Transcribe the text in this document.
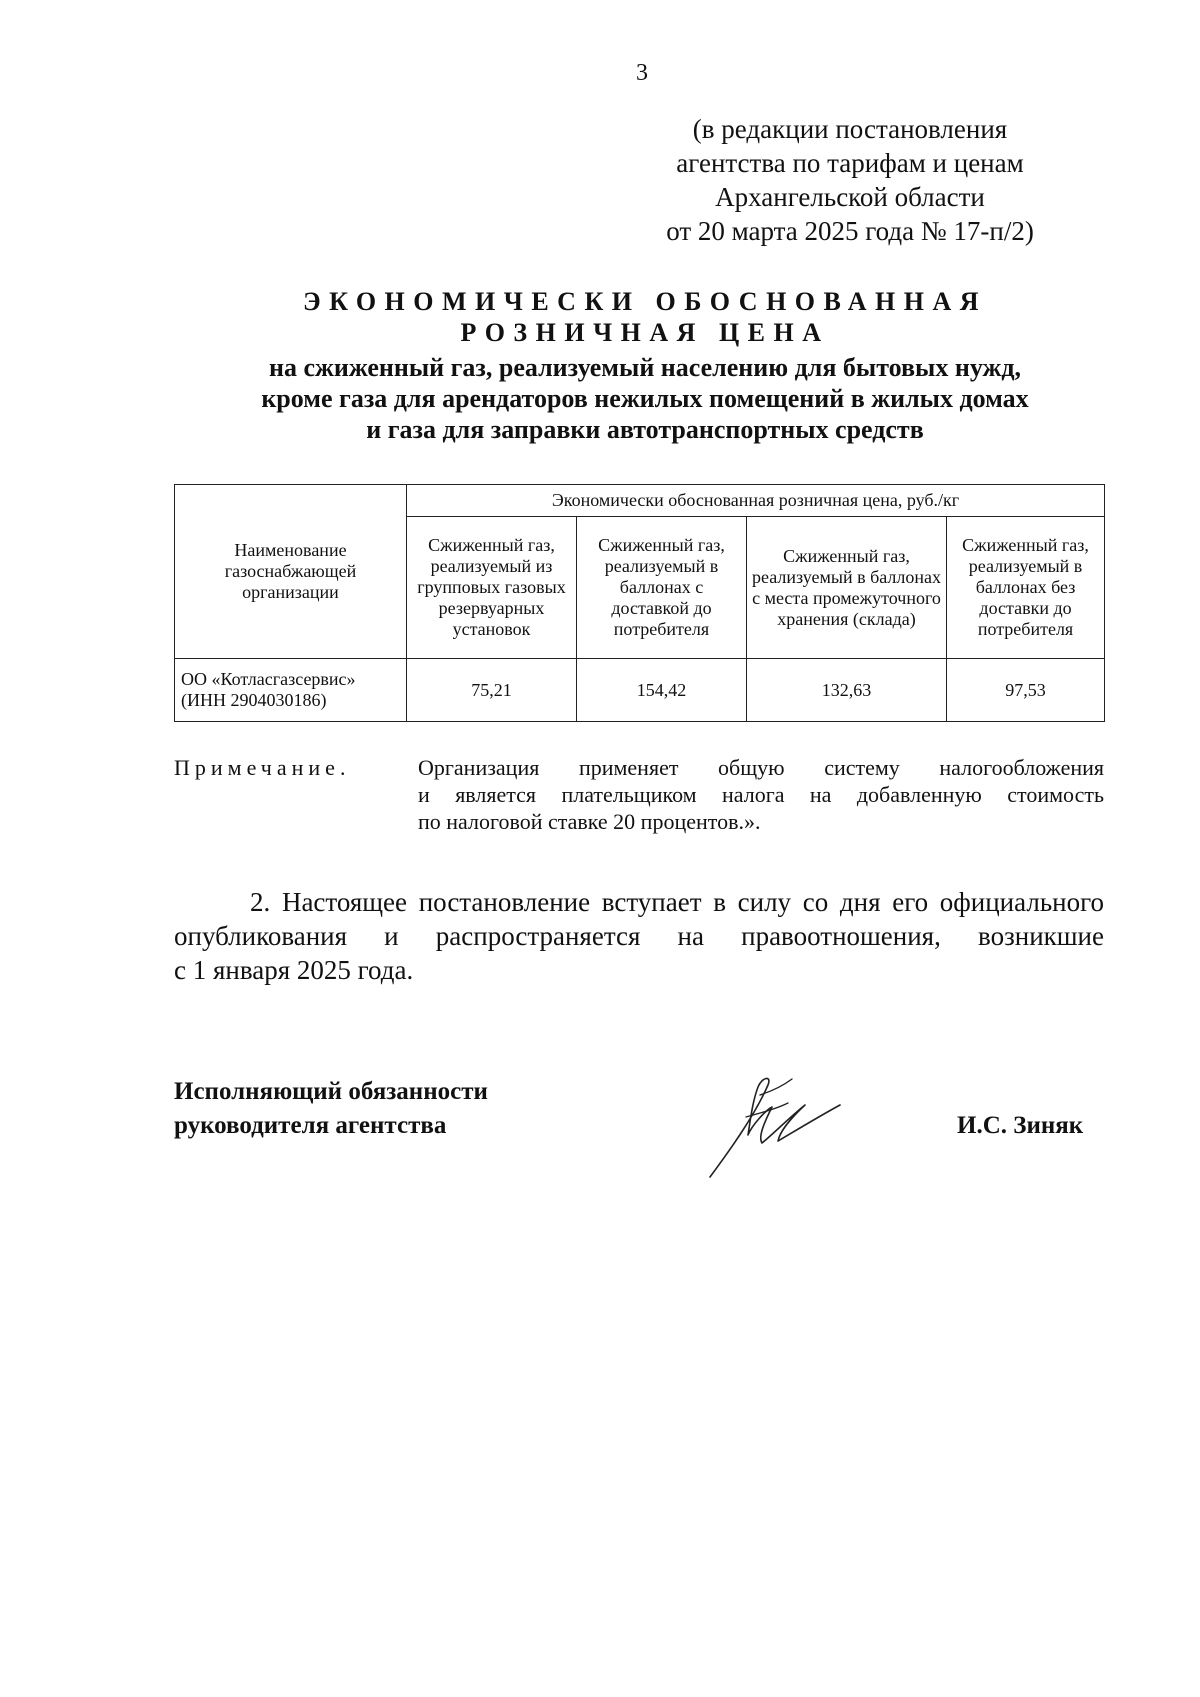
3
(в редакции постановления
агентства по тарифам и ценам
Архангельской области
от 20 марта 2025 года № 17-п/2)
ЭКОНОМИЧЕСКИ ОБОСНОВАННАЯ
РОЗНИЧНАЯ ЦЕНА
на сжиженный газ, реализуемый населению для бытовых нужд,
кроме газа для арендаторов нежилых помещений в жилых домах
и газа для заправки автотранспортных средств
Наименование газоснабжающей организации	Экономически обоснованная розничная цена, руб./кг			
	Сжиженный газ, реализуемый из групповых газовых резервуарных установок	Сжиженный газ, реализуемый в баллонах с доставкой до потребителя	Сжиженный газ, реализуемый в баллонах с места промежуточного хранения (склада)	Сжиженный газ, реализуемый в баллонах без доставки до потребителя

ОО «Котласгазсервис»
(ИНН 2904030186)	75,21	154,42	132,63	97,53
Примечание.	Организация применяет общую систему налогообложения
и является плательщиком налога на добавленную стоимость
по налоговой ставке 20 процентов.».
2. Настоящее постановление вступает в силу со дня его официального
опубликования и распространяется на правоотношения, возникшие
с 1 января 2025 года.
Исполняющий обязанности
руководителя агентства	И.С. Зиняк
